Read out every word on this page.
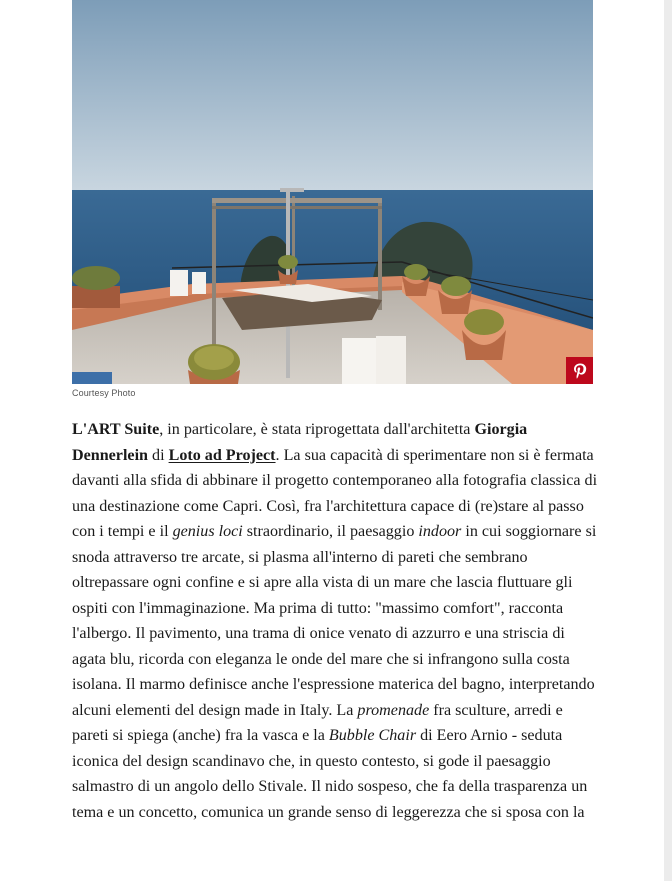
Courtesy Photo

L'ART Suite, in particolare, è stata riprogettata dall'architetta Giorgia Dennerlein di Loto ad Project. La sua capacità di sperimentare non si è fermata davanti alla sfida di abbinare il progetto contemporaneo alla fotografia classica di una destinazione come Capri. Così, fra l'architettura capace di (re)stare al passo con i tempi e il genius loci straordinario, il paesaggio indoor in cui soggiornare si snoda attraverso tre arcate, si plasma all'interno di pareti che sembrano oltrepassare ogni confine e si apre alla vista di un mare che lascia fluttuare gli ospiti con l'immaginazione. Ma prima di tutto: "massimo comfort", racconta l'albergo. Il pavimento, una trama di onice venato di azzurro e una striscia di agata blu, ricorda con eleganza le onde del mare che si infrangono sulla costa isolana. Il marmo definisce anche l'espressione materica del bagno, interpretando alcuni elementi del design made in Italy. La promenade fra sculture, arredi e pareti si spiega (anche) fra la vasca e la Bubble Chair di Eero Arnio - seduta iconica del design scandinavo che, in questo contesto, si gode il paesaggio salmastro di un angolo dello Stivale. Il nido sospeso, che fa della trasparenza un tema e un concetto, comunica un grande senso di leggerezza che si sposa con la
